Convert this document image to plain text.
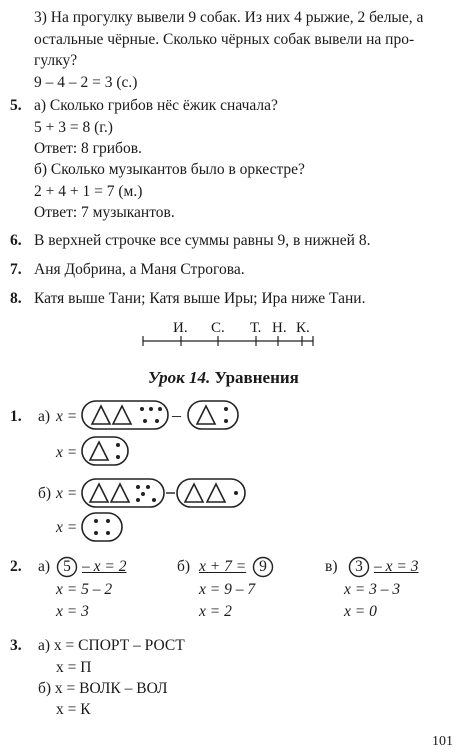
3) На прогулку вывели 9 собак. Из них 4 рыжие, 2 белые, а
остальные чёрные. Сколько чёрных собак вывели на про-
гулку?
9 – 4 – 2 = 3 (с.)
5. а) Сколько грибов нёс ёжик сначала?
5 + 3 = 8 (г.)
Ответ: 8 грибов.
б) Сколько музыкантов было в оркестре?
2 + 4 + 1 = 7 (м.)
Ответ: 7 музыкантов.
6. В верхней строчке все суммы равны 9, в нижней 8.
7. Аня Добрина, а Маня Строгова.
8. Катя выше Тани; Катя выше Иры; Ира ниже Тани.
И. С. Т. Н. К.
Урок 14. Уравнения
1. а) x =	–
x =
б) x =
x =
2. а) 5 – x = 2
x = 5 – 2
x = 3
б) x + 7 = 9
x = 9 – 7
x = 2
в) 3 – x = 3
x = 3 – 3
x = 0
3. а) x = СПОРТ – РОСТ
x = П
б) x = ВОЛК – ВОЛ
x = К
101
